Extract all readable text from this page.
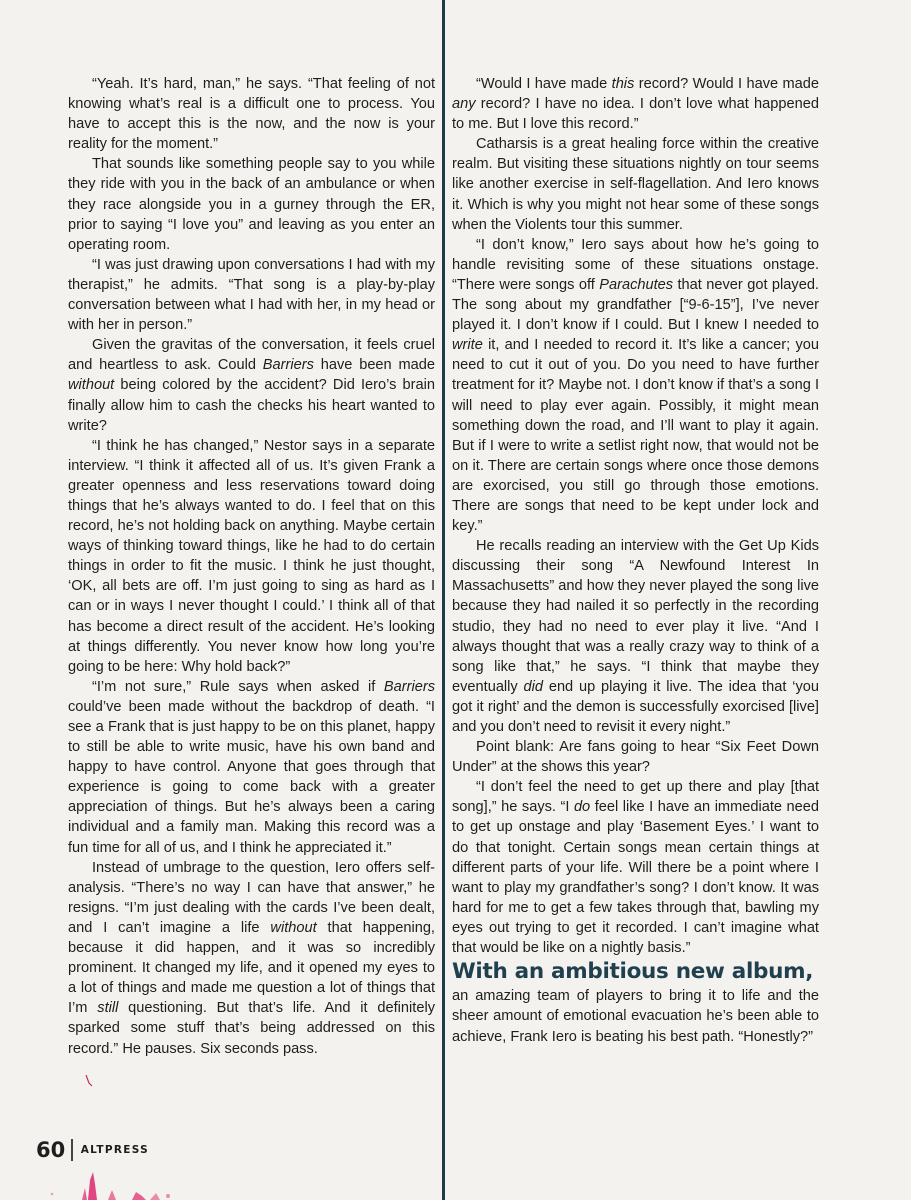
“Yeah. It’s hard, man,” he says. “That feeling of not knowing what’s real is a difficult one to process. You have to accept this is the now, and the now is your reality for the moment.”

That sounds like something people say to you while they ride with you in the back of an ambulance or when they race alongside you in a gurney through the ER, prior to saying “I love you” and leaving as you enter an operating room.

“I was just drawing upon conversations I had with my therapist,” he admits. “That song is a play-by-play conversation between what I had with her, in my head or with her in person.”

Given the gravitas of the conversation, it feels cruel and heartless to ask. Could Barriers have been made without being colored by the accident? Did Iero’s brain finally allow him to cash the checks his heart wanted to write?

“I think he has changed,” Nestor says in a separate interview. “I think it affected all of us. It’s given Frank a greater openness and less reservations toward doing things that he’s always wanted to do. I feel that on this record, he’s not holding back on anything. Maybe certain ways of thinking toward things, like he had to do certain things in order to fit the music. I think he just thought, ‘OK, all bets are off. I’m just going to sing as hard as I can or in ways I never thought I could.’ I think all of that has become a direct result of the accident. He’s looking at things differently. You never know how long you’re going to be here: Why hold back?”

“I’m not sure,” Rule says when asked if Barriers could’ve been made without the backdrop of death. “I see a Frank that is just happy to be on this planet, happy to still be able to write music, have his own band and happy to have control. Anyone that goes through that experience is going to come back with a greater appreciation of things. But he’s always been a caring individual and a family man. Making this record was a fun time for all of us, and I think he appreciated it.”

Instead of umbrage to the question, Iero offers self-analysis. “There’s no way I can have that answer,” he resigns. “I’m just dealing with the cards I’ve been dealt, and I can’t imagine a life without that happening, because it did happen, and it was so incredibly prominent. It changed my life, and it opened my eyes to a lot of things and made me question a lot of things that I’m still questioning. But that’s life. And it definitely sparked some stuff that’s being addressed on this record.” He pauses. Six seconds pass.

“Would I have made this record? Would I have made any record? I have no idea. I don’t love what happened to me. But I love this record.”

Catharsis is a great healing force within the creative realm. But visiting these situations nightly on tour seems like another exercise in self-flagellation. And Iero knows it. Which is why you might not hear some of these songs when the Violents tour this summer.

“I don’t know,” Iero says about how he’s going to handle revisiting some of these situations onstage. “There were songs off Parachutes that never got played. The song about my grandfather [“9-6-15”], I’ve never played it. I don’t know if I could. But I knew I needed to write it, and I needed to record it. It’s like a cancer; you need to cut it out of you. Do you need to have further treatment for it? Maybe not. I don’t know if that’s a song I will need to play ever again. Possibly, it might mean something down the road, and I’ll want to play it again. But if I were to write a setlist right now, that would not be on it. There are certain songs where once those demons are exorcised, you still go through those emotions. There are songs that need to be kept under lock and key.”

He recalls reading an interview with the Get Up Kids discussing their song “A Newfound Interest In Massachusetts” and how they never played the song live because they had nailed it so perfectly in the recording studio, they had no need to ever play it live. “And I always thought that was a really crazy way to think of a song like that,” he says. “I think that maybe they eventually did end up playing it live. The idea that ‘you got it right’ and the demon is successfully exorcised [live] and you don’t need to revisit it every night.”

Point blank: Are fans going to hear “Six Feet Down Under” at the shows this year?

“I don’t feel the need to get up there and play [that song],” he says. “I do feel like I have an immediate need to get up onstage and play ‘Basement Eyes.’ I want to do that tonight. Certain songs mean certain things at different parts of your life. Will there be a point where I want to play my grandfather’s song? I don’t know. It was hard for me to get a few takes through that, bawling my eyes out trying to get it recorded. I can’t imagine what that would be like on a nightly basis.”

With an ambitious new album,
an amazing team of players to bring it to life and the sheer amount of emotional evacuation he’s been able to achieve, Frank Iero is beating his best path. “Honestly?”

60 ALTPRESS
